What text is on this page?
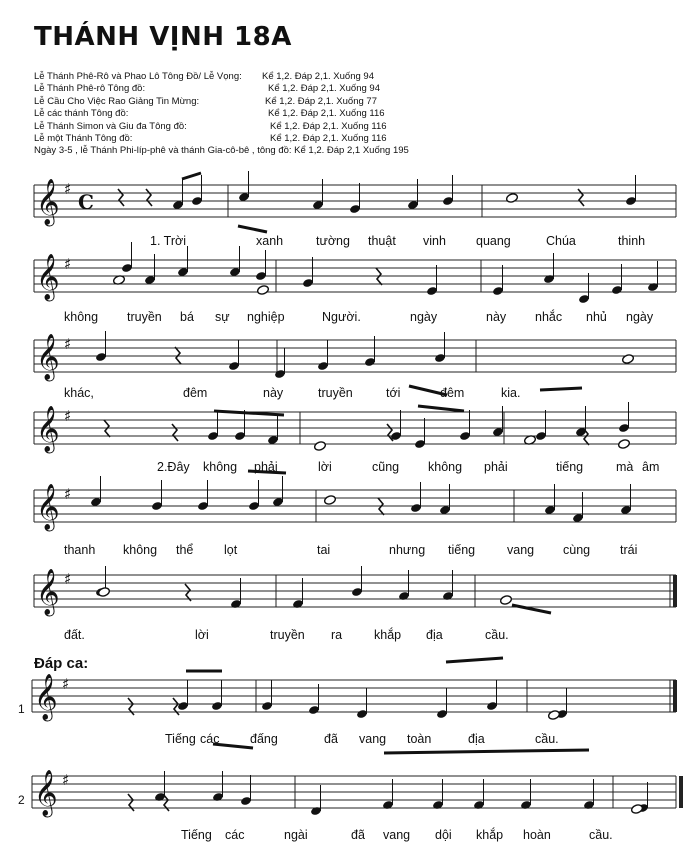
THÁNH VỊNH 18A
Lễ Thánh Phê-Rô và Phao Lô Tông Đồ/ Lễ Vọng: Kể 1,2. Đáp 2,1. Xuống 94
Lễ Thánh Phê-rô Tông đồ:	Kể 1,2. Đáp 2,1. Xuống 94
Lễ Cầu Cho Việc Rao Giảng Tin Mừng:	Kể 1,2. Đáp 2,1. Xuống 77
Lễ các thánh Tông đồ:	Kể 1,2. Đáp 2,1. Xuống 116
Lễ Thánh Simon và Giu đa Tông đồ:	Kể 1,2. Đáp 2,1. Xuống 116
Lễ một Thánh Tông đồ:	Kể 1,2. Đáp 2,1. Xuống 116
Ngày 3-5 , lễ Thánh Phi-líp-phê và thánh Gia-cô-bê , tông đồ: Kể 1,2. Đáp 2,1 Xuống 195
𝄞 ♯
𝄞 ♯
𝄞 ♯
𝄞 ♯
𝄞 ♯
𝄞 ♯
𝄞 ♯
𝄞 ♯
C
1. Trời	xanh	tường thuật vinh quang	Chúa	thinh
không truyền bá sự nghiệp	Người.	ngày	này nhắc nhủ ngày
khác,	đêm	này	truyền	tới	đêm	kia.
2.Đây không phải	lời	cũng không phải	tiếng	mà âm
thanh không thể lọt	tai	nhưng tiếng	vang cùng trái
đất.	lời	truyền ra	khắp địa	cầu.
Tiếng các đấng	đã vang toàn	địa	cầu.
Tiếng các	ngài	đã vang dội khắp hoàn	cầu.
Đáp ca:
1
2
